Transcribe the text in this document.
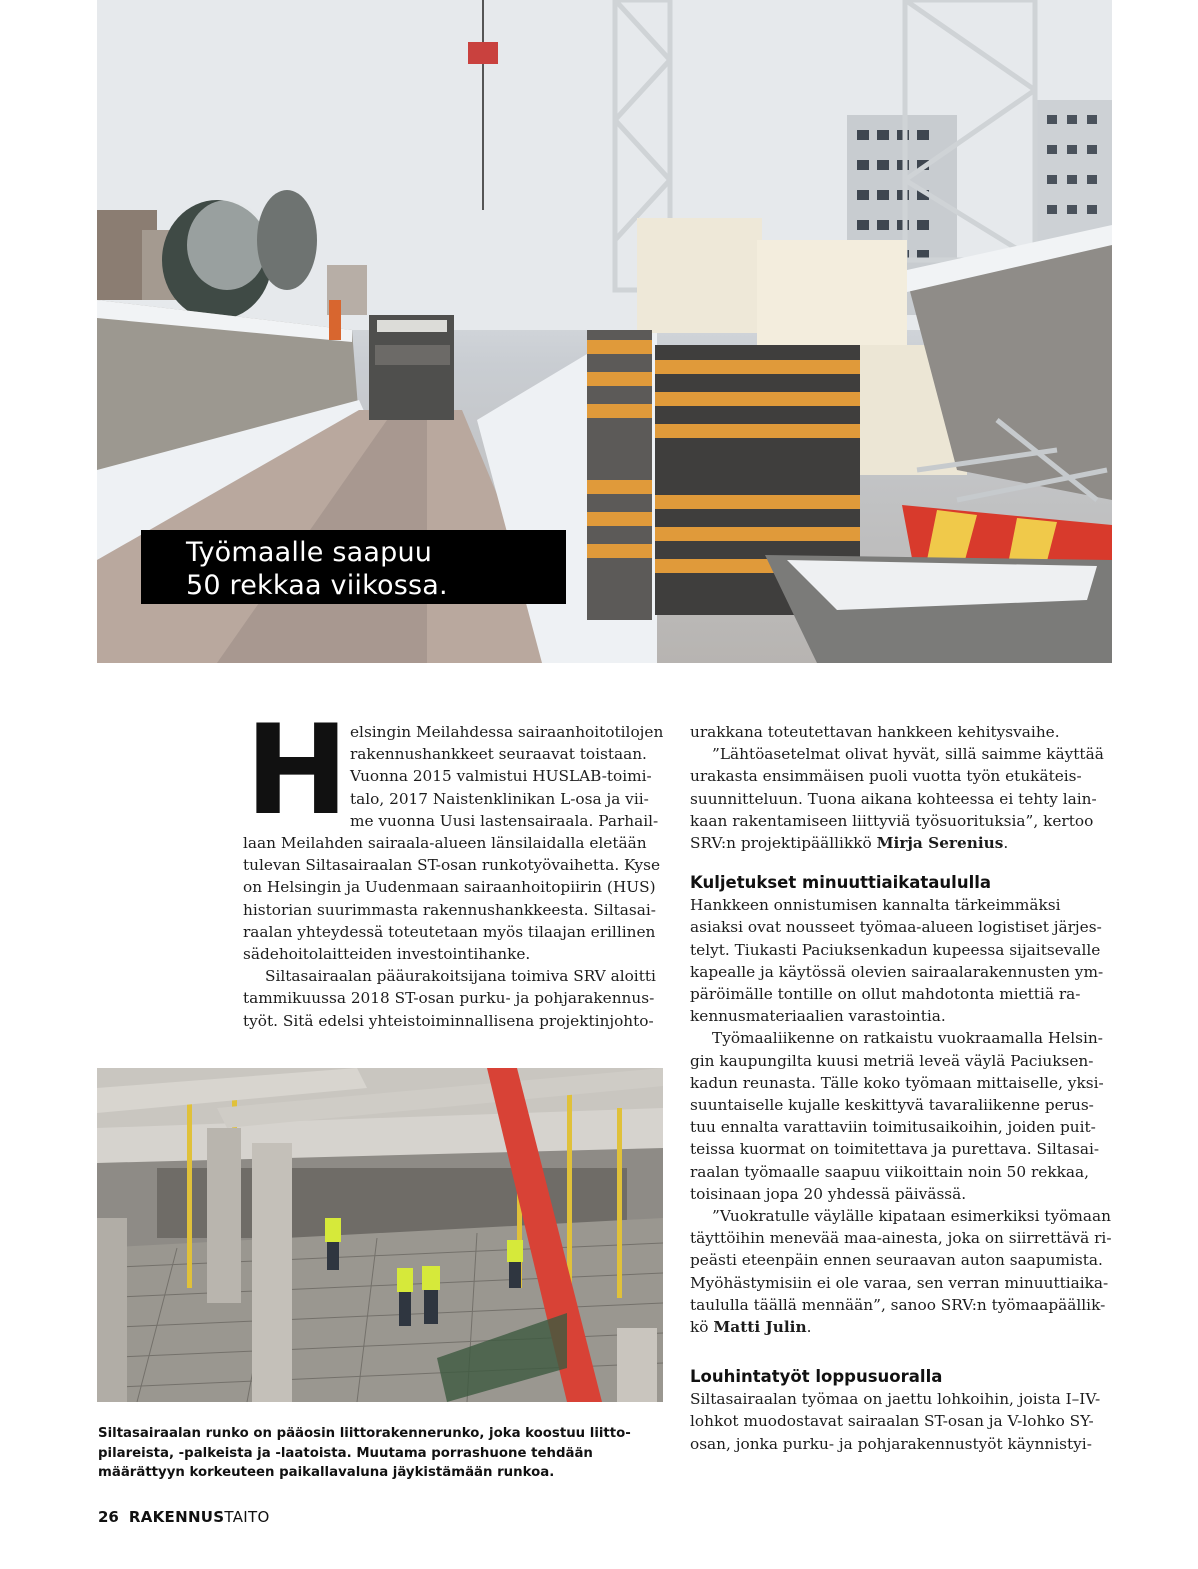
Työmaalle saapuu
50 rekkaa viikossa.
H elsingin Meilahdessa sairaanhoitotilojen
rakennushankkeet seuraavat toistaan.
Vuonna 2015 valmistui HUSLAB-toimi-
talo, 2017 Naistenklinikan L-osa ja vii-
me vuonna Uusi lastensairaala. Parhail-
laan Meilahden sairaala-alueen länsilaidalla eletään
tulevan Siltasairaalan ST-osan runkotyövaihetta. Kyse
on Helsingin ja Uudenmaan sairaanhoitopiirin (HUS)
historian suurimmasta rakennushankkeesta. Siltasai-
raalan yhteydessä toteutetaan myös tilaajan erillinen
sädehoitolaitteiden investointihanke.
Siltasairaalan pääurakoitsijana toimiva SRV aloitti
tammikuussa 2018 ST-osan purku- ja pohjarakennus-
työt. Sitä edelsi yhteistoiminnallisena projektinjohto-
urakkana toteutettavan hankkeen kehitysvaihe.
”Lähtöasetelmat olivat hyvät, sillä saimme käyttää
urakasta ensimmäisen puoli vuotta työn etukäteis-
suunnitteluun. Tuona aikana kohteessa ei tehty lain-
kaan rakentamiseen liittyviä työsuorituksia”, kertoo
SRV:n projektipäällikkö Mirja Serenius.
Kuljetukset minuuttiaikataululla
Hankkeen onnistumisen kannalta tärkeimmäksi
asiaksi ovat nousseet työmaa-alueen logistiset järjes-
telyt. Tiukasti Paciuksenkadun kupeessa sijaitsevalle
kapealle ja käytössä olevien sairaalarakennusten ym-
päröimälle tontille on ollut mahdotonta miettiä ra-
kennusmateriaalien varastointia.
Työmaaliikenne on ratkaistu vuokraamalla Helsin-
gin kaupungilta kuusi metriä leveä väylä Paciuksen-
kadun reunasta. Tälle koko työmaan mittaiselle, yksi-
suuntaiselle kujalle keskittyvä tavaraliikenne perus-
tuu ennalta varattaviin toimitusaikoihin, joiden puit-
teissa kuormat on toimitettava ja purettava. Siltasai-
raalan työmaalle saapuu viikoittain noin 50 rekkaa,
toisinaan jopa 20 yhdessä päivässä.
”Vuokratulle väylälle kipataan esimerkiksi työmaan
täyttöihin menevää maa-ainesta, joka on siirrettävä ri-
peästi eteenpäin ennen seuraavan auton saapumista.
Myöhästymisiin ei ole varaa, sen verran minuuttiaika-
taululla täällä mennään”, sanoo SRV:n työmaapäällik-
kö Matti Julin.
Louhintatyöt loppusuoralla
Siltasairaalan työmaa on jaettu lohkoihin, joista I–IV-
lohkot muodostavat sairaalan ST-osan ja V-lohko SY-
osan, jonka purku- ja pohjarakennustyöt käynnistyi-
Siltasairaalan runko on pääosin liittorakennerunko, joka koostuu liitto-
pilareista, -palkeista ja -laatoista. Muutama porrashuone tehdään
määrättyyn korkeuteen paikallavaluna jäykistämään runkoa.
26 RAKENNUSTAITO
